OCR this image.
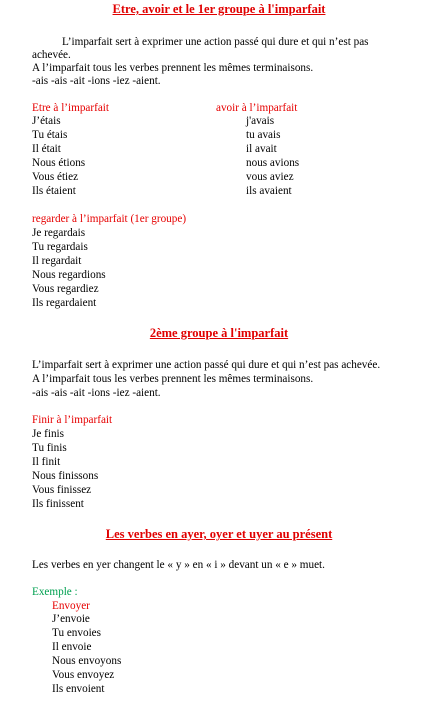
Etre, avoir et le 1er groupe à l'imparfait
L’imparfait sert à exprimer une action passé qui dure et qui n’est pas
achevée.
A l’imparfait tous les verbes prennent les mêmes terminaisons.
-ais -ais -ait -ions -iez -aient.
Etre à l’imparfait
J’étais
Tu étais
Il était
Nous étions
Vous étiez
Ils étaient
avoir à l’imparfait
j'avais
tu avais
il avait
nous avions
vous aviez
ils avaient
regarder à l’imparfait (1er groupe)
Je regardais
Tu regardais
Il regardait
Nous regardions
Vous regardiez
Ils regardaient
2ème groupe à l'imparfait
L’imparfait sert à exprimer une action passé qui dure et qui n’est pas achevée.
A l’imparfait tous les verbes prennent les mêmes terminaisons.
-ais -ais -ait -ions -iez -aient.
Finir à l’imparfait
Je finis
Tu finis
Il finit
Nous finissons
Vous finissez
Ils finissent
Les verbes en ayer, oyer et uyer au présent
Les verbes en yer changent le « y » en « i » devant un « e » muet.
Exemple :
Envoyer
J’envoie
Tu envoies
Il envoie
Nous envoyons
Vous envoyez
Ils envoient
